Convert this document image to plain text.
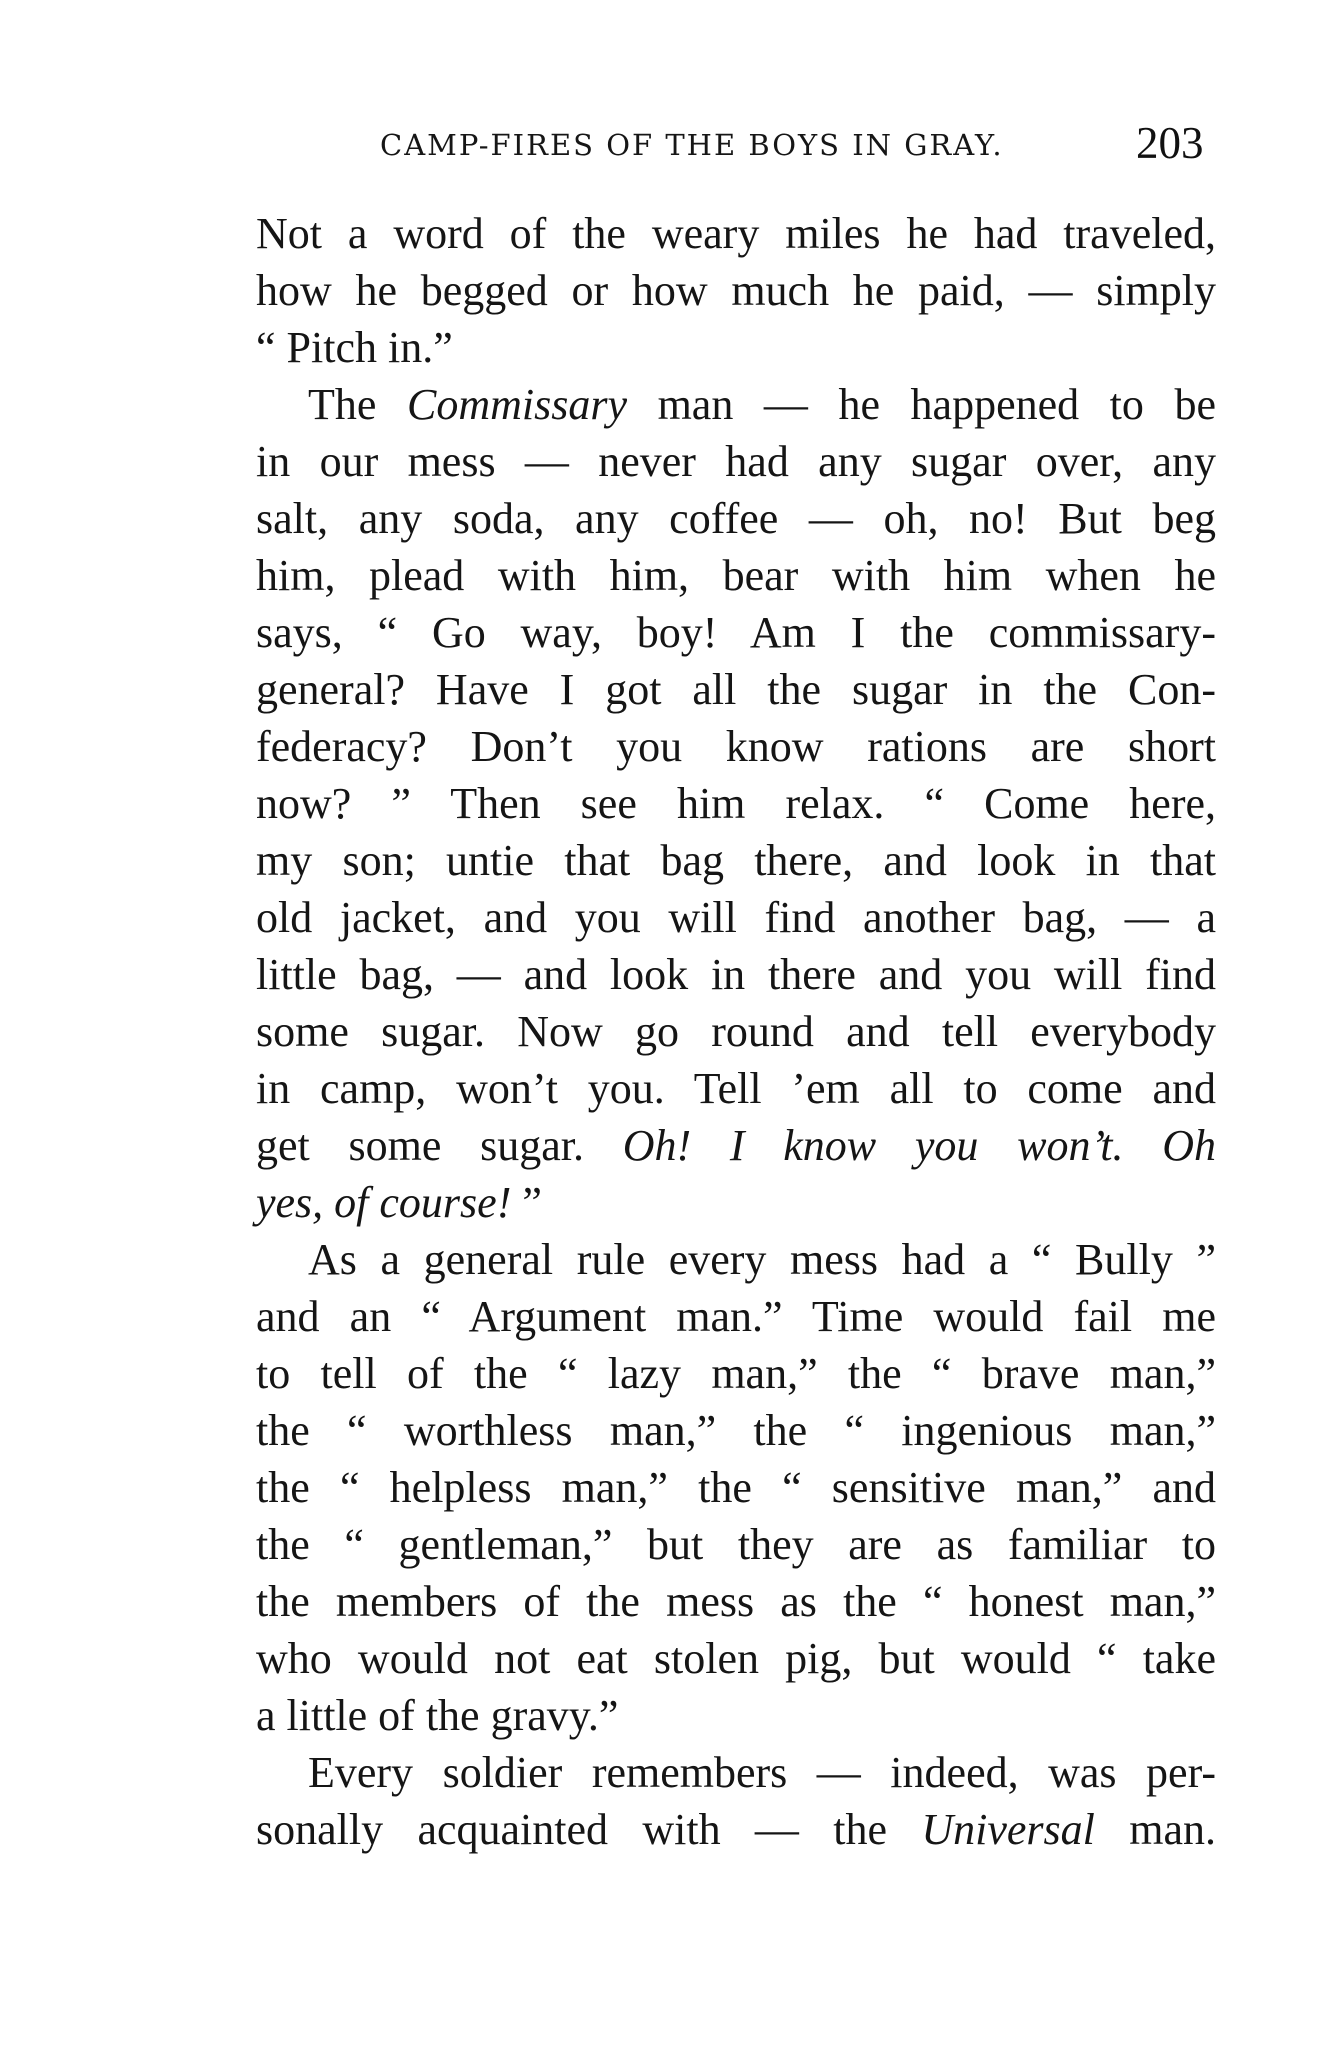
CAMP-FIRES OF THE BOYS IN GRAY.	203

Not a word of the weary miles he had traveled,
how he begged or how much he paid, — simply
“ Pitch in.”

The Commissary man — he happened to be
in our mess — never had any sugar over, any
salt, any soda, any coffee — oh, no! But beg
him, plead with him, bear with him when he
says, “ Go way, boy! Am I the commissary-
general? Have I got all the sugar in the Con-
federacy? Don’t you know rations are short
now? ” Then see him relax. “ Come here,
my son; untie that bag there, and look in that
old jacket, and you will find another bag, — a
little bag, — and look in there and you will find
some sugar. Now go round and tell everybody
in camp, won’t you. Tell ’em all to come and
get some sugar. Oh! I know you won’t. Oh
yes, of course! ”

As a general rule every mess had a “ Bully ”
and an “ Argument man.” Time would fail me
to tell of the “ lazy man,” the “ brave man,”
the “ worthless man,” the “ ingenious man,”
the “ helpless man,” the “ sensitive man,” and
the “ gentleman,” but they are as familiar to
the members of the mess as the “ honest man,”
who would not eat stolen pig, but would “ take
a little of the gravy.”

Every soldier remembers — indeed, was per-
sonally acquainted with — the Universal man.
